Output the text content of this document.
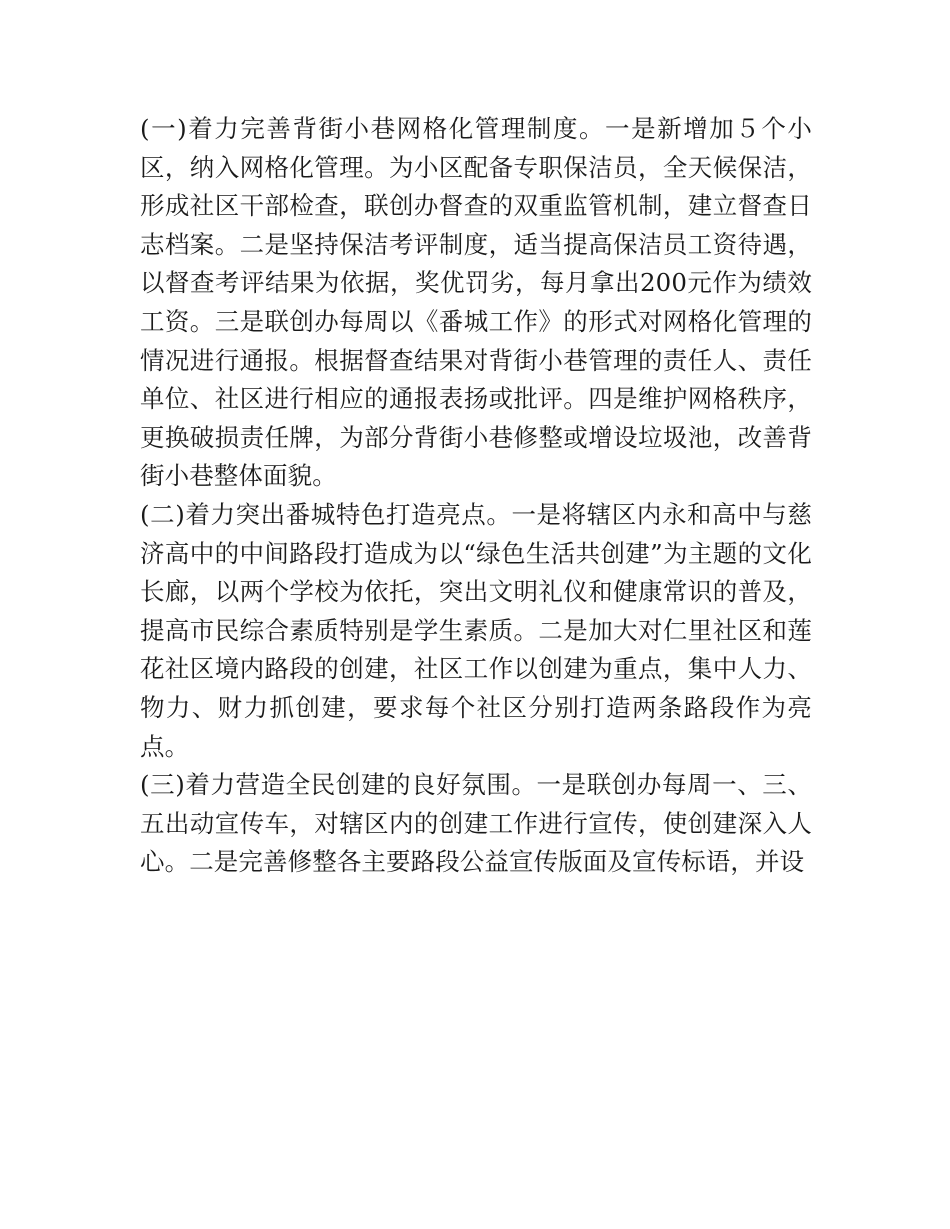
(一)着力完善背街小巷网格化管理制度。一是新增加５个小区，纳入网格化管理。为小区配备专职保洁员，全天候保洁，形成社区干部检查，联创办督查的双重监管机制，建立督查日志档案。二是坚持保洁考评制度，适当提高保洁员工资待遇，以督查考评结果为依据，奖优罚劣，每月拿出200元作为绩效工资。三是联创办每周以《番城工作》的形式对网格化管理的情况进行通报。根据督查结果对背街小巷管理的责任人、责任单位、社区进行相应的通报表扬或批评。四是维护网格秩序，更换破损责任牌，为部分背街小巷修整或增设垃圾池，改善背街小巷整体面貌。

(二)着力突出番城特色打造亮点。一是将辖区内永和高中与慈济高中的中间路段打造成为以“绿色生活共创建”为主题的文化长廊，以两个学校为依托，突出文明礼仪和健康常识的普及，提高市民综合素质特别是学生素质。二是加大对仁里社区和莲花社区境内路段的创建，社区工作以创建为重点，集中人力、物力、财力抓创建，要求每个社区分别打造两条路段作为亮点。

(三)着力营造全民创建的良好氛围。一是联创办每周一、三、五出动宣传车，对辖区内的创建工作进行宣传，使创建深入人心。二是完善修整各主要路段公益宣传版面及宣传标语，并设
